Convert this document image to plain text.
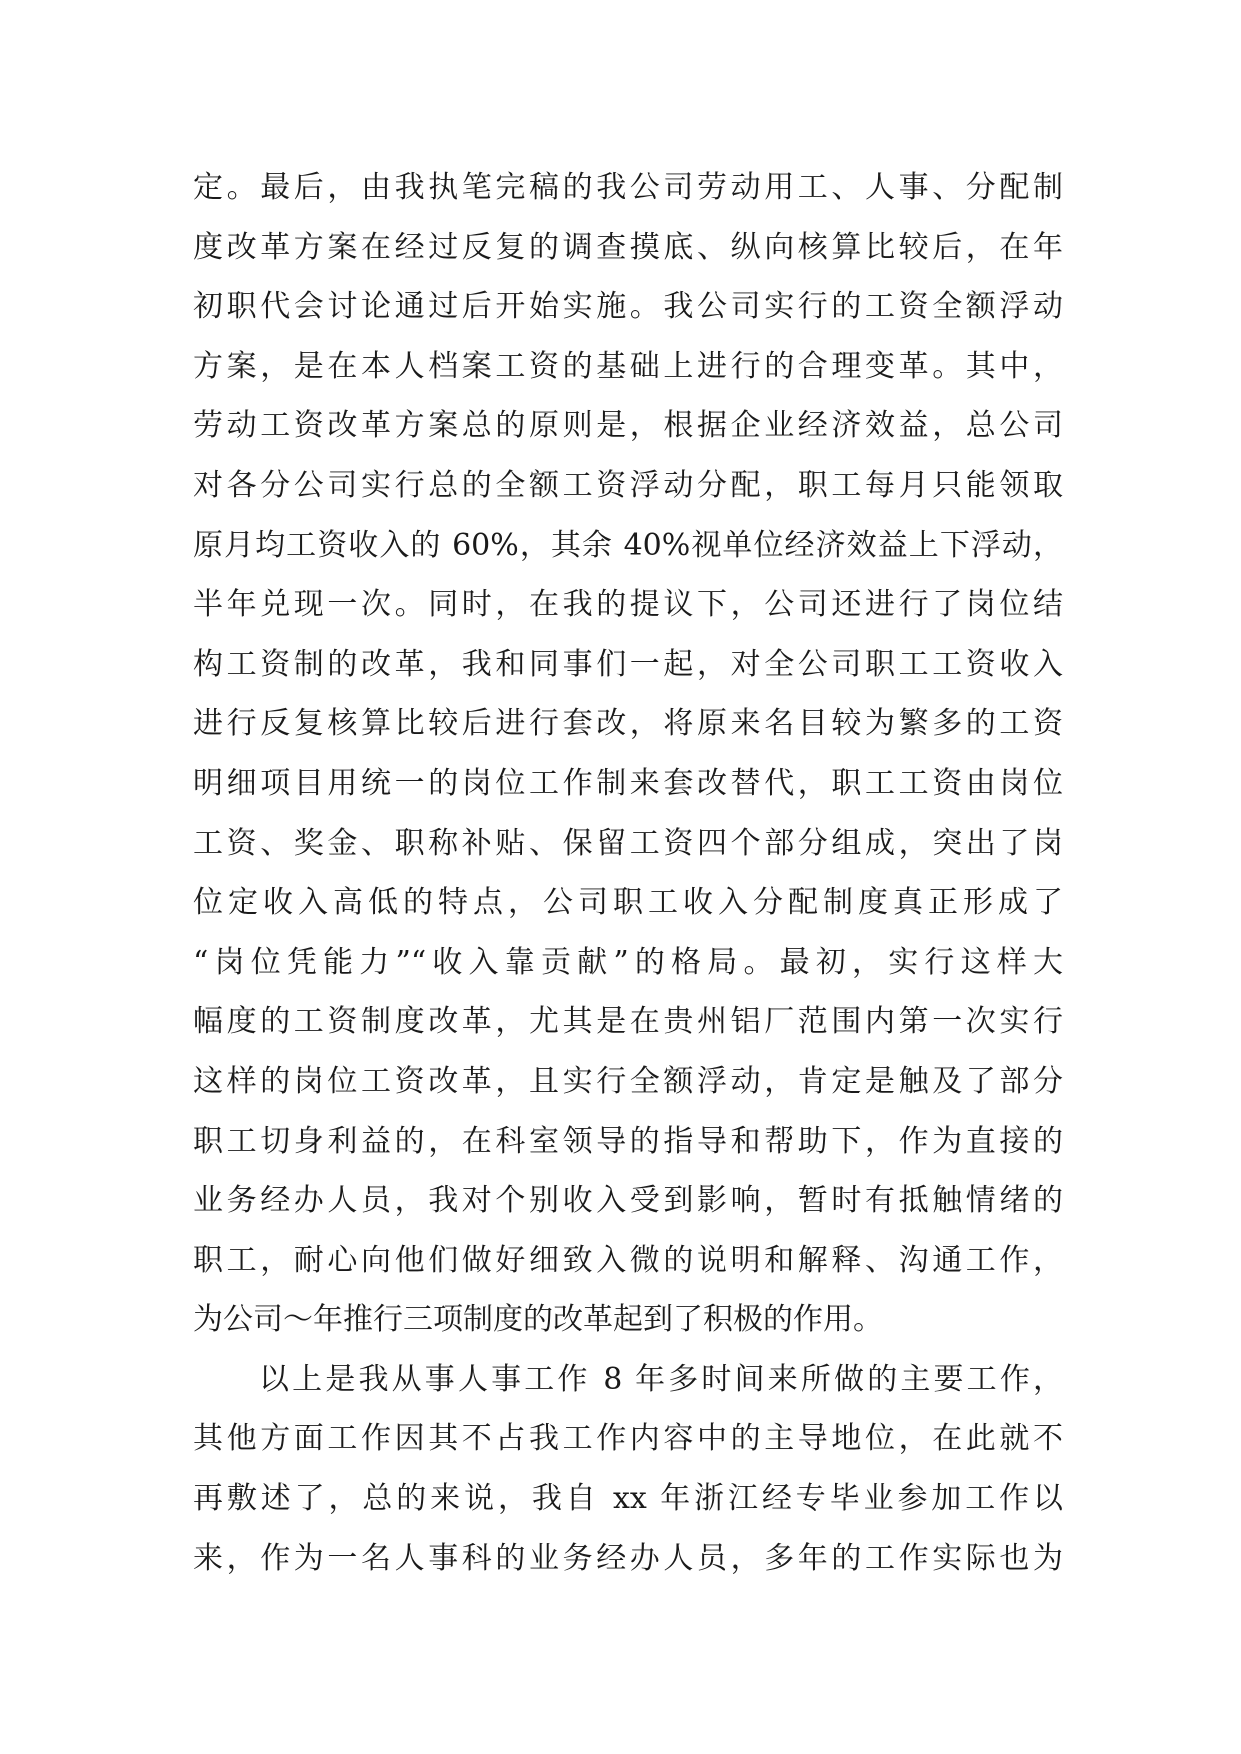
定。最后，由我执笔完稿的我公司劳动用工、人事、分配制
度改革方案在经过反复的调查摸底、纵向核算比较后，在年
初职代会讨论通过后开始实施。我公司实行的工资全额浮动
方案，是在本人档案工资的基础上进行的合理变革。其中，
劳动工资改革方案总的原则是，根据企业经济效益，总公司
对各分公司实行总的全额工资浮动分配，职工每月只能领取
原月均工资收入的 60%，其余 40%视单位经济效益上下浮动，
半年兑现一次。同时，在我的提议下，公司还进行了岗位结
构工资制的改革，我和同事们一起，对全公司职工工资收入
进行反复核算比较后进行套改，将原来名目较为繁多的工资
明细项目用统一的岗位工作制来套改替代，职工工资由岗位
工资、奖金、职称补贴、保留工资四个部分组成，突出了岗
位定收入高低的特点，公司职工收入分配制度真正形成了
“岗位凭能力”“收入靠贡献”的格局。最初，实行这样大
幅度的工资制度改革，尤其是在贵州铝厂范围内第一次实行
这样的岗位工资改革，且实行全额浮动，肯定是触及了部分
职工切身利益的，在科室领导的指导和帮助下，作为直接的
业务经办人员，我对个别收入受到影响，暂时有抵触情绪的
职工，耐心向他们做好细致入微的说明和解释、沟通工作，
为公司～年推行三项制度的改革起到了积极的作用。
以上是我从事人事工作 8 年多时间来所做的主要工作，
其他方面工作因其不占我工作内容中的主导地位，在此就不
再敷述了，总的来说，我自 xx 年浙江经专毕业参加工作以
来，作为一名人事科的业务经办人员，多年的工作实际也为
